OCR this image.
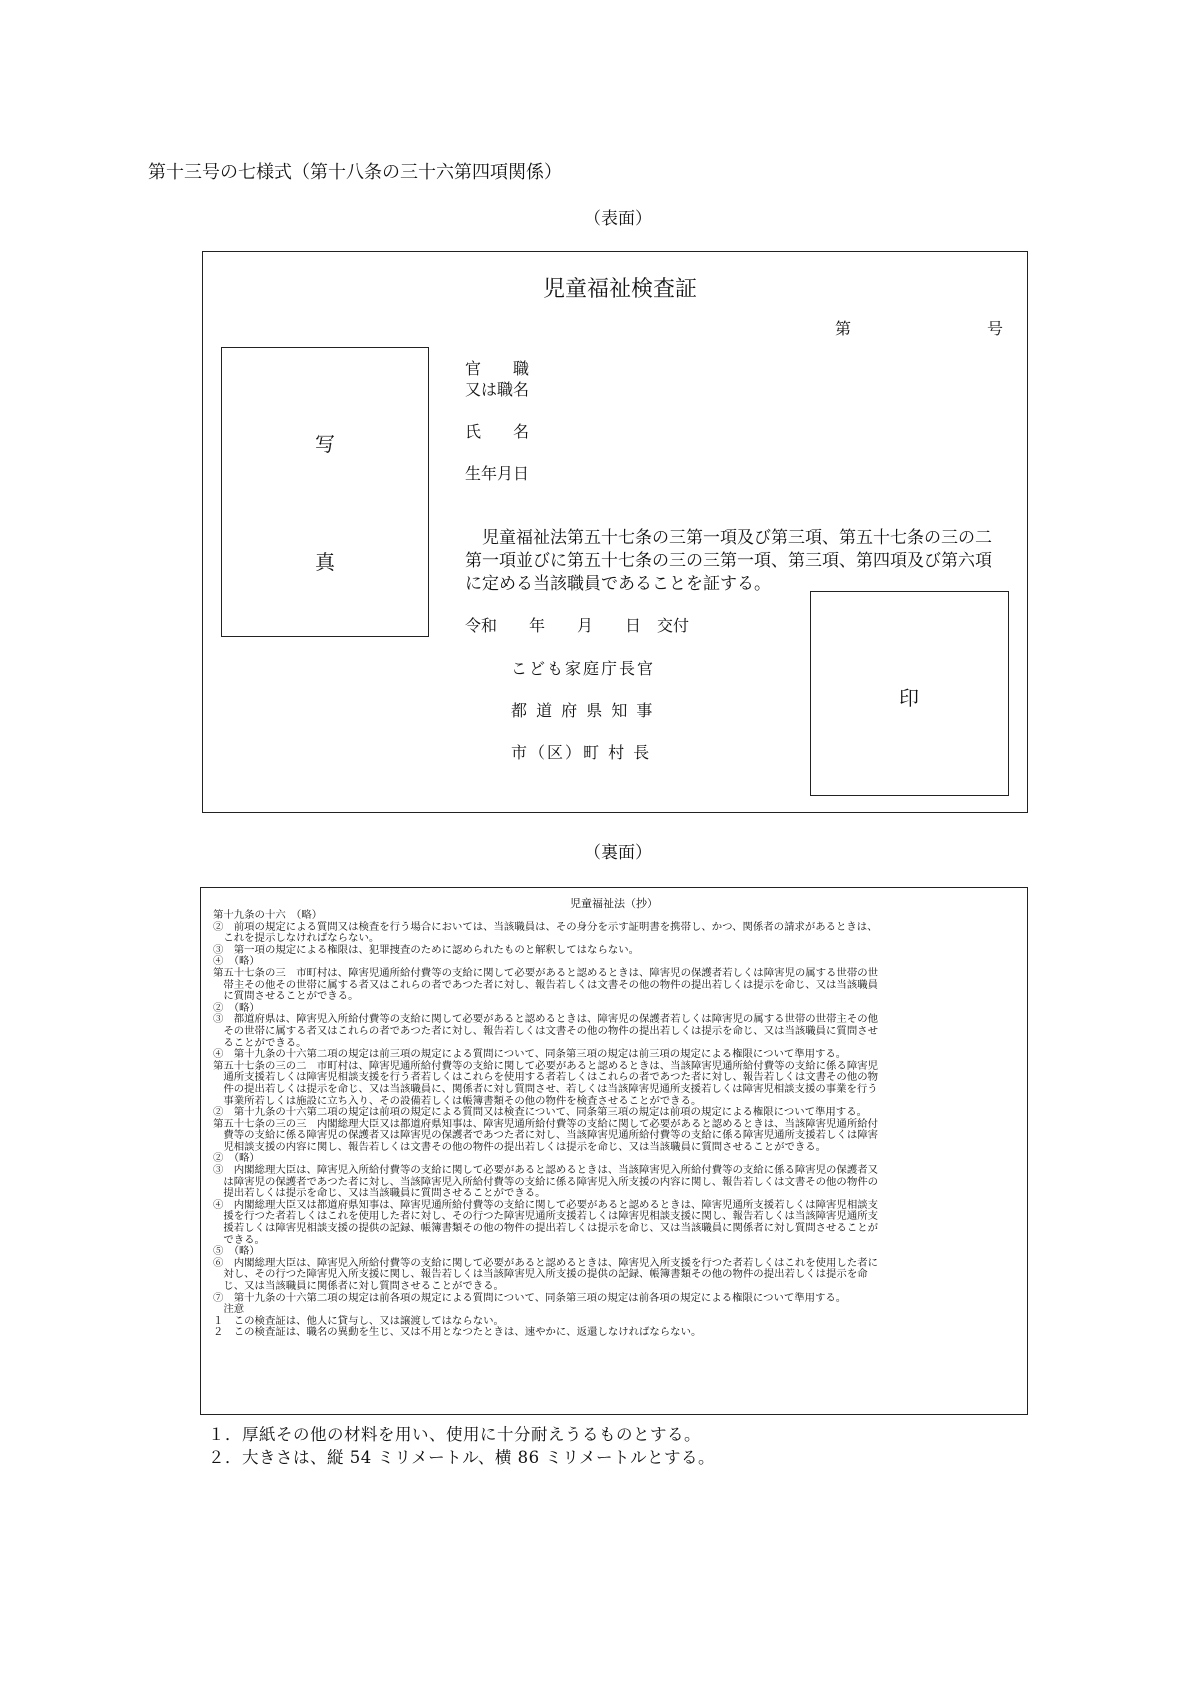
第十三号の七様式（第十八条の三十六第四項関係）
（表面）
児童福祉検査証
第	号
写
真
官　　職
又は職名
氏　　名
生年月日
　児童福祉法第五十七条の三第一項及び第三項、第五十七条の三の二第一項並びに第五十七条の三の三第一項、第三項、第四項及び第六項に定める当該職員であることを証する。
令和　　年　　月　　日　交付
こども家庭庁長官
都 道 府 県 知 事
市（区）町 村 長
印
（裏面）
児童福祉法（抄）
第十九条の十六　（略）
②　前項の規定による質問又は検査を行う場合においては、当該職員は、その身分を示す証明書を携帯し、かつ、関係者の請求があるときは、
　これを提示しなければならない。
③　第一項の規定による権限は、犯罪捜査のために認められたものと解釈してはならない。
④　（略）
第五十七条の三　市町村は、障害児通所給付費等の支給に関して必要があると認めるときは、障害児の保護者若しくは障害児の属する世帯の世
　帯主その他その世帯に属する者又はこれらの者であつた者に対し、報告若しくは文書その他の物件の提出若しくは提示を命じ、又は当該職員
　に質問させることができる。
②　（略）
③　都道府県は、障害児入所給付費等の支給に関して必要があると認めるときは、障害児の保護者若しくは障害児の属する世帯の世帯主その他
　その世帯に属する者又はこれらの者であつた者に対し、報告若しくは文書その他の物件の提出若しくは提示を命じ、又は当該職員に質問させ
　ることができる。
④　第十九条の十六第二項の規定は前三項の規定による質問について、同条第三項の規定は前三項の規定による権限について準用する。
第五十七条の三の二　市町村は、障害児通所給付費等の支給に関して必要があると認めるときは、当該障害児通所給付費等の支給に係る障害児
　通所支援若しくは障害児相談支援を行う者若しくはこれらを使用する者若しくはこれらの者であつた者に対し、報告若しくは文書その他の物
　件の提出若しくは提示を命じ、又は当該職員に、関係者に対し質問させ、若しくは当該障害児通所支援若しくは障害児相談支援の事業を行う
　事業所若しくは施設に立ち入り、その設備若しくは帳簿書類その他の物件を検査させることができる。
②　第十九条の十六第二項の規定は前項の規定による質問又は検査について、同条第三項の規定は前項の規定による権限について準用する。
第五十七条の三の三　内閣総理大臣又は都道府県知事は、障害児通所給付費等の支給に関して必要があると認めるときは、当該障害児通所給付
　費等の支給に係る障害児の保護者又は障害児の保護者であつた者に対し、当該障害児通所給付費等の支給に係る障害児通所支援若しくは障害
　児相談支援の内容に関し、報告若しくは文書その他の物件の提出若しくは提示を命じ、又は当該職員に質問させることができる。
②　（略）
③　内閣総理大臣は、障害児入所給付費等の支給に関して必要があると認めるときは、当該障害児入所給付費等の支給に係る障害児の保護者又
　は障害児の保護者であつた者に対し、当該障害児入所給付費等の支給に係る障害児入所支援の内容に関し、報告若しくは文書その他の物件の
　提出若しくは提示を命じ、又は当該職員に質問させることができる。
④　内閣総理大臣又は都道府県知事は、障害児通所給付費等の支給に関して必要があると認めるときは、障害児通所支援若しくは障害児相談支
　援を行つた者若しくはこれを使用した者に対し、その行つた障害児通所支援若しくは障害児相談支援に関し、報告若しくは当該障害児通所支
　援若しくは障害児相談支援の提供の記録、帳簿書類その他の物件の提出若しくは提示を命じ、又は当該職員に関係者に対し質問させることが
　できる。
⑤　（略）
⑥　内閣総理大臣は、障害児入所給付費等の支給に関して必要があると認めるときは、障害児入所支援を行つた者若しくはこれを使用した者に
　対し、その行つた障害児入所支援に関し、報告若しくは当該障害児入所支援の提供の記録、帳簿書類その他の物件の提出若しくは提示を命
　じ、又は当該職員に関係者に対し質問させることができる。
⑦　第十九条の十六第二項の規定は前各項の規定による質問について、同条第三項の規定は前各項の規定による権限について準用する。
　注意
１　この検査証は、他人に貸与し、又は譲渡してはならない。
２　この検査証は、職名の異動を生じ、又は不用となつたときは、速やかに、返還しなければならない。
１．厚紙その他の材料を用い、使用に十分耐えうるものとする。
２．大きさは、縦 54 ミリメートル、横 86 ミリメートルとする。
